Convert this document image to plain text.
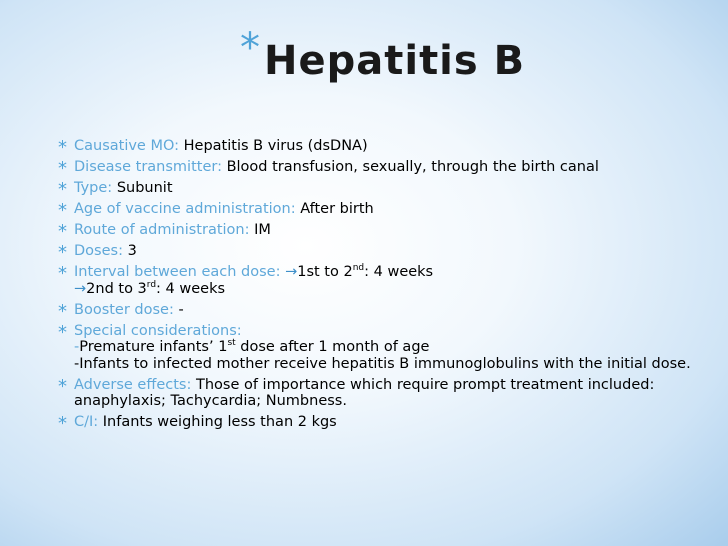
* Hepatitis B
* Causative MO: Hepatitis B virus (dsDNA)
* Disease transmitter: Blood transfusion, sexually, through the birth canal
* Type: Subunit
* Age of vaccine administration: After birth
* Route of administration: IM
* Doses: 3
* Interval between each dose: →1st to 2nd: 4 weeks
→2nd to 3rd: 4 weeks
* Booster dose: -
* Special considerations:
-Premature infants’ 1st dose after 1 month of age
-Infants to infected mother receive hepatitis B immunoglobulins with the initial dose.
* Adverse effects: Those of importance which require prompt treatment included: anaphylaxis; Tachycardia; Numbness.
* C/I: Infants weighing less than 2 kgs
